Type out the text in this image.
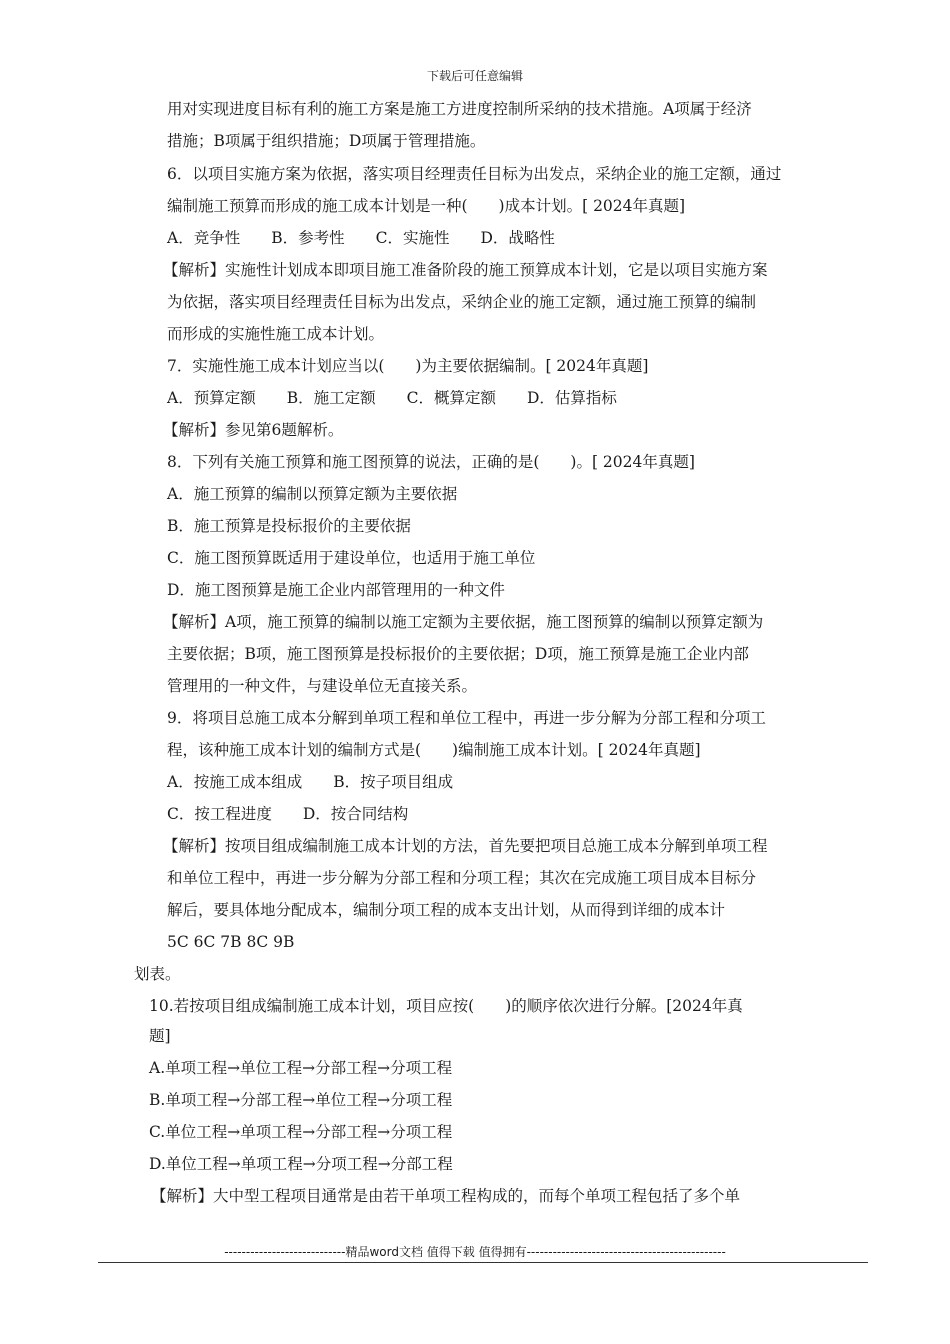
下载后可任意编辑
用对实现进度目标有利的施工方案是施工方进度控制所采纳的技术措施。A项属于经济
措施；B项属于组织措施；D项属于管理措施。
6．以项目实施方案为依据，落实项目经理责任目标为出发点，采纳企业的施工定额，通过
编制施工预算而形成的施工成本计划是一种(　　)成本计划。[ 2024年真题]
A．竞争性　　B．参考性　　C．实施性　　D．战略性
【解析】实施性计划成本即项目施工准备阶段的施工预算成本计划，它是以项目实施方案
为依据，落实项目经理责任目标为出发点，采纳企业的施工定额，通过施工预算的编制
而形成的实施性施工成本计划。
7．实施性施工成本计划应当以(　　)为主要依据编制。[ 2024年真题]
A．预算定额　　B．施工定额　　C．概算定额　　D．估算指标
【解析】参见第6题解析。
8．下列有关施工预算和施工图预算的说法，正确的是(　　)。[ 2024年真题]
A．施工预算的编制以预算定额为主要依据
B．施工预算是投标报价的主要依据
C．施工图预算既适用于建设单位，也适用于施工单位
D．施工图预算是施工企业内部管理用的一种文件
【解析】A项，施工预算的编制以施工定额为主要依据，施工图预算的编制以预算定额为
主要依据；B项，施工图预算是投标报价的主要依据；D项，施工预算是施工企业内部
管理用的一种文件，与建设单位无直接关系。
9．将项目总施工成本分解到单项工程和单位工程中，再进一步分解为分部工程和分项工
程，该种施工成本计划的编制方式是(　　)编制施工成本计划。[ 2024年真题]
A．按施工成本组成　　B．按子项目组成
C．按工程进度　　D．按合同结构
【解析】按项目组成编制施工成本计划的方法，首先要把项目总施工成本分解到单项工程
和单位工程中，再进一步分解为分部工程和分项工程；其次在完成施工项目成本目标分
解后，要具体地分配成本，编制分项工程的成本支出计划，从而得到详细的成本计
5C 6C 7B 8C 9B
划表。
10.若按项目组成编制施工成本计划，项目应按(　　)的顺序依次进行分解。[2024年真
题]
A.单项工程→单位工程→分部工程→分项工程
B.单项工程→分部工程→单位工程→分项工程
C.单位工程→单项工程→分部工程→分项工程
D.单位工程→单项工程→分项工程→分部工程
【解析】大中型工程项目通常是由若干单项工程构成的，而每个单项工程包括了多个单
----------------------------精品word文档 值得下载 值得拥有----------------------------------------------
